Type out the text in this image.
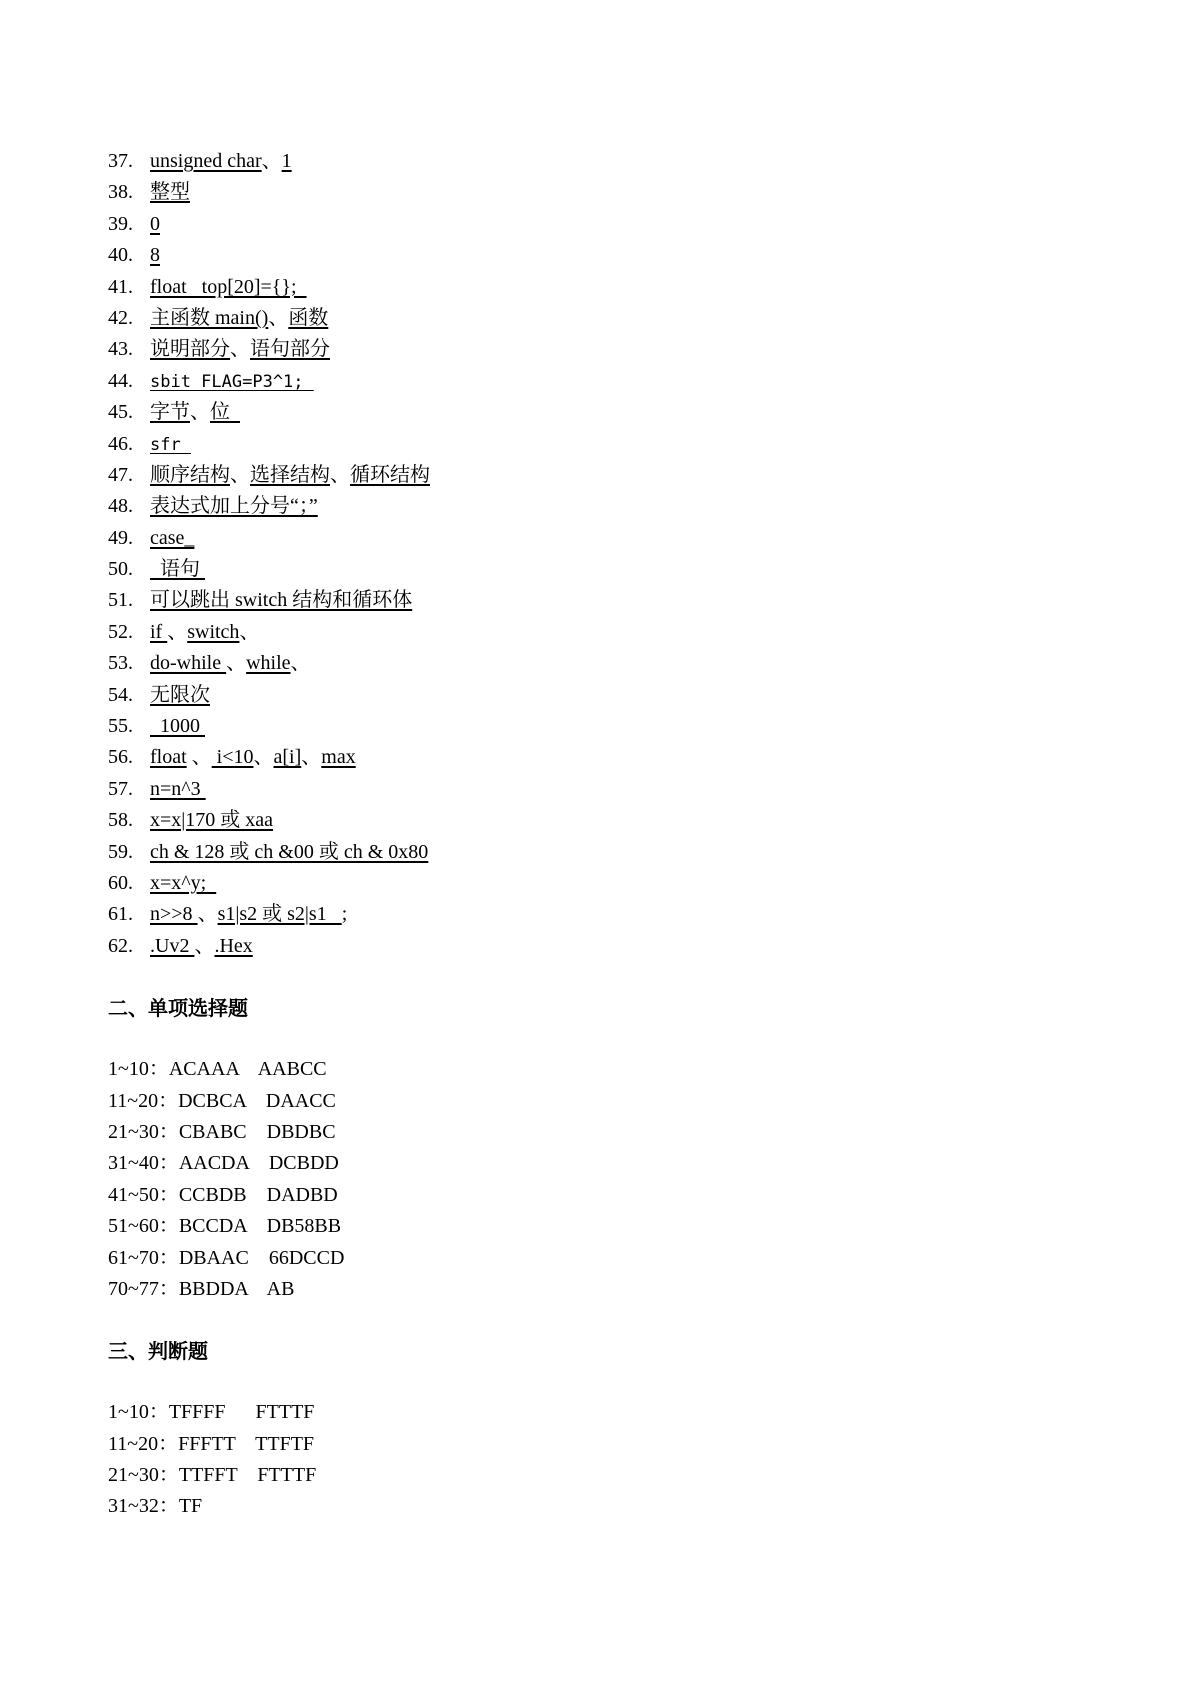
37. unsigned char、1
38. 整型
39. 0
40. 8
41. float   top[20]={};
42. 主函数 main()、函数
43. 说明部分、语句部分
44. sbit FLAG=P3^1;
45. 字节、位
46. sfr
47. 顺序结构、选择结构、循环结构
48. 表达式加上分号“；”
49. case_
50.  语句
51. 可以跳出 switch 结构和循环体
52. if 、switch、
53. do-while 、while、
54. 无限次
55.  1000
56. float 、 i<10、a[i]、max
57. n=n^3
58. x=x|170 或 xaa
59. ch & 128 或 ch &00 或 ch & 0x80
60. x=x^y;
61. n>>8 、s1|s2 或 s2|s1   ;
62. .Uv2 、.Hex
二、单项选择题
1~10：ACAAA    AABCC
11~20：DCBCA    DAACC
21~30：CBABC    DBDBC
31~40：AACDA    DCBDD
41~50：CCBDB    DADBD
51~60：BCCDA    DB58BB
61~70：DBAAC    66DCCD
70~77：BBDDA    AB
三、判断题
1~10：TFFFF      FTTTF
11~20：FFFTT    TTFTF
21~30：TTFFT    FTTTF
31~32：TF
